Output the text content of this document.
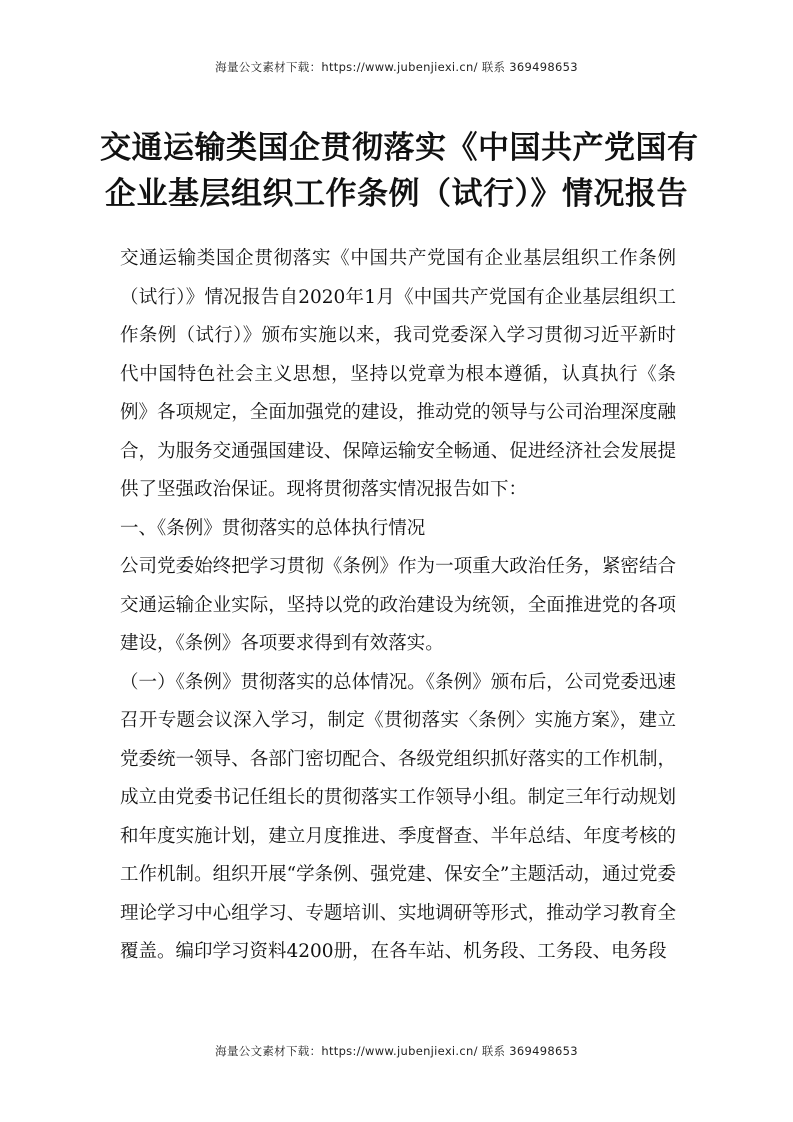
海量公文素材下载：https://www.jubenjiexi.cn/ 联系 369498653
交通运输类国企贯彻落实《中国共产党国有
企业基层组织工作条例（试行）》情况报告

交通运输类国企贯彻落实《中国共产党国有企业基层组织工作条例（试行）》情况报告自2020年1月《中国共产党国有企业基层组织工作条例（试行）》颁布实施以来，我司党委深入学习贯彻习近平新时代中国特色社会主义思想，坚持以党章为根本遵循，认真执行《条例》各项规定，全面加强党的建设，推动党的领导与公司治理深度融合，为服务交通强国建设、保障运输安全畅通、促进经济社会发展提供了坚强政治保证。现将贯彻落实情况报告如下：

一、《条例》贯彻落实的总体执行情况

公司党委始终把学习贯彻《条例》作为一项重大政治任务，紧密结合交通运输企业实际，坚持以党的政治建设为统领，全面推进党的各项建设，《条例》各项要求得到有效落实。

（一）《条例》贯彻落实的总体情况。《条例》颁布后，公司党委迅速召开专题会议深入学习，制定《贯彻落实〈条例〉实施方案》，建立党委统一领导、各部门密切配合、各级党组织抓好落实的工作机制，成立由党委书记任组长的贯彻落实工作领导小组。制定三年行动规划和年度实施计划，建立月度推进、季度督查、半年总结、年度考核的工作机制。组织开展“学条例、强党建、保安全”主题活动，通过党委理论学习中心组学习、专题培训、实地调研等形式，推动学习教育全覆盖。编印学习资料4200册，在各车站、机务段、工务段、电务段

海量公文素材下载：https://www.jubenjiexi.cn/ 联系 369498653
